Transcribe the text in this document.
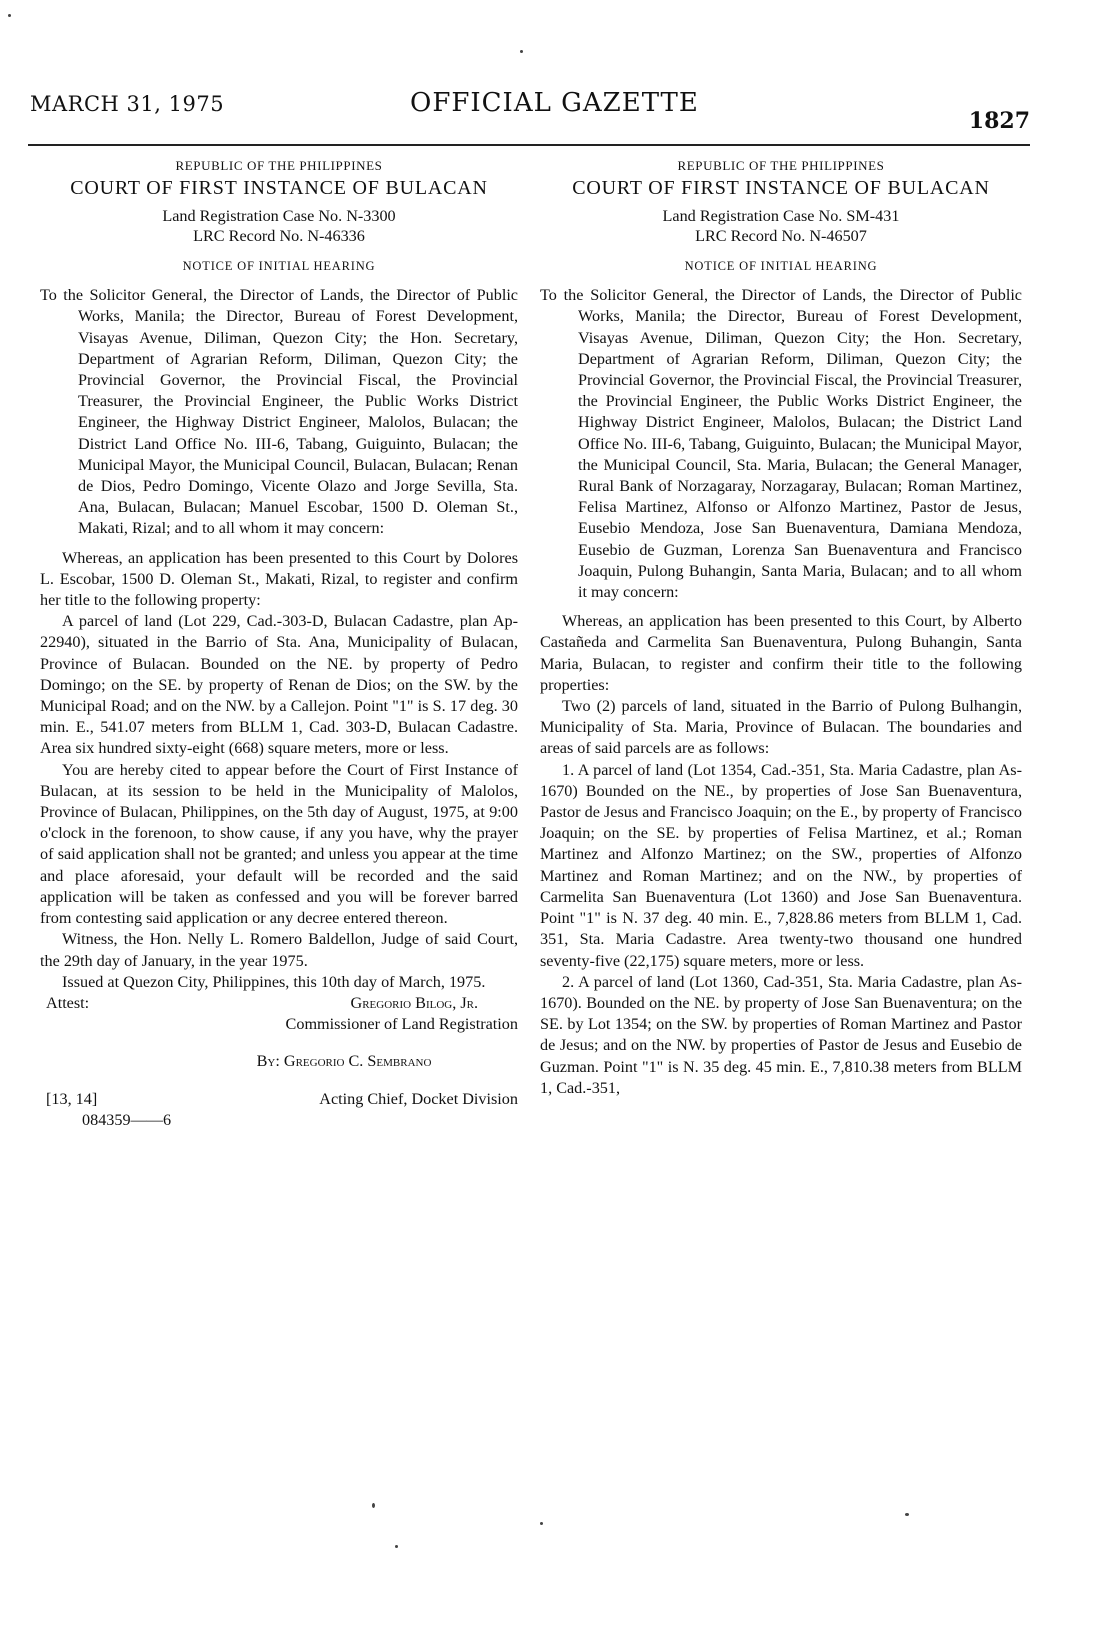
MARCH 31, 1975	OFFICIAL GAZETTE
1827

REPUBLIC OF THE PHILIPPINES

COURT OF FIRST INSTANCE OF BULACAN

Land Registration Case No. N-3300

LRC Record No. N-46336

NOTICE OF INITIAL HEARING

To the Solicitor General, the Director of Lands, the Director of Public Works, Manila; the Director, Bureau of Forest Development, Visayas Avenue, Diliman, Quezon City; the Hon. Secretary, Department of Agrarian Reform, Diliman, Quezon City; the Provincial Governor, the Provincial Fiscal, the Provincial Treasurer, the Provincial Engineer, the Public Works District Engineer, the Highway District Engineer, Malolos, Bulacan; the District Land Office No. III-6, Tabang, Guiguinto, Bulacan; the Municipal Mayor, the Municipal Council, Bulacan, Bulacan; Renan de Dios, Pedro Domingo, Vicente Olazo and Jorge Sevilla, Sta. Ana, Bulacan, Bulacan; Manuel Escobar, 1500 D. Oleman St., Makati, Rizal; and to all whom it may concern:

Whereas, an application has been presented to this Court by Dolores L. Escobar, 1500 D. Oleman St., Makati, Rizal, to register and confirm her title to the following property:

A parcel of land (Lot 229, Cad.-303-D, Bulacan Cadastre, plan Ap-22940), situated in the Barrio of Sta. Ana, Municipality of Bulacan, Province of Bulacan. Bounded on the NE. by property of Pedro Domingo; on the SE. by property of Renan de Dios; on the SW. by the Municipal Road; and on the NW. by a Callejon. Point "1" is S. 17 deg. 30 min. E., 541.07 meters from BLLM 1, Cad. 303-D, Bulacan Cadastre. Area six hundred sixty-eight (668) square meters, more or less.

You are hereby cited to appear before the Court of First Instance of Bulacan, at its session to be held in the Municipality of Malolos, Province of Bulacan, Philippines, on the 5th day of August, 1975, at 9:00 o'clock in the forenoon, to show cause, if any you have, why the prayer of said application shall not be granted; and unless you appear at the time and place aforesaid, your default will be recorded and the said application will be taken as confessed and you will be forever barred from contesting said application or any decree entered thereon.

Witness, the Hon. Nelly L. Romero Baldellon, Judge of said Court, the 29th day of January, in the year 1975.

Issued at Quezon City, Philippines, this 10th day of March, 1975.

Attest:	Gregorio Bilog, Jr.

Commissioner of Land Registration

By: Gregorio C. Sembrano

[13, 14]	Acting Chief, Docket Division

084359——6

REPUBLIC OF THE PHILIPPINES

COURT OF FIRST INSTANCE OF BULACAN

Land Registration Case No. SM-431

LRC Record No. N-46507

NOTICE OF INITIAL HEARING

To the Solicitor General, the Director of Lands, the Director of Public Works, Manila; the Director, Bureau of Forest Development, Visayas Avenue, Diliman, Quezon City; the Hon. Secretary, Department of Agrarian Reform, Diliman, Quezon City; the Provincial Governor, the Provincial Fiscal, the Provincial Treasurer, the Provincial Engineer, the Public Works District Engineer, the Highway District Engineer, Malolos, Bulacan; the District Land Office No. III-6, Tabang, Guiguinto, Bulacan; the Municipal Mayor, the Municipal Council, Sta. Maria, Bulacan; the General Manager, Rural Bank of Norzagaray, Norzagaray, Bulacan; Roman Martinez, Felisa Martinez, Alfonso or Alfonzo Martinez, Pastor de Jesus, Eusebio Mendoza, Jose San Buenaventura, Damiana Mendoza, Eusebio de Guzman, Lorenza San Buenaventura and Francisco Joaquin, Pulong Buhangin, Santa Maria, Bulacan; and to all whom it may concern:

Whereas, an application has been presented to this Court, by Alberto Castañeda and Carmelita San Buenaventura, Pulong Buhangin, Santa Maria, Bulacan, to register and confirm their title to the following properties:

Two (2) parcels of land, situated in the Barrio of Pulong Bulhangin, Municipality of Sta. Maria, Province of Bulacan. The boundaries and areas of said parcels are as follows:

1. A parcel of land (Lot 1354, Cad.-351, Sta. Maria Cadastre, plan As-1670) Bounded on the NE., by properties of Jose San Buenaventura, Pastor de Jesus and Francisco Joaquin; on the E., by property of Francisco Joaquin; on the SE. by properties of Felisa Martinez, et al.; Roman Martinez and Alfonzo Martinez; on the SW., properties of Alfonzo Martinez and Roman Martinez; and on the NW., by properties of Carmelita San Buenaventura (Lot 1360) and Jose San Buenaventura. Point "1" is N. 37 deg. 40 min. E., 7,828.86 meters from BLLM 1, Cad. 351, Sta. Maria Cadastre. Area twenty-two thousand one hundred seventy-five (22,175) square meters, more or less.

2. A parcel of land (Lot 1360, Cad-351, Sta. Maria Cadastre, plan As-1670). Bounded on the NE. by property of Jose San Buenaventura; on the SE. by Lot 1354; on the SW. by properties of Roman Martinez and Pastor de Jesus; and on the NW. by properties of Pastor de Jesus and Eusebio de Guzman. Point "1" is N. 35 deg. 45 min. E., 7,810.38 meters from BLLM 1, Cad.-351,
